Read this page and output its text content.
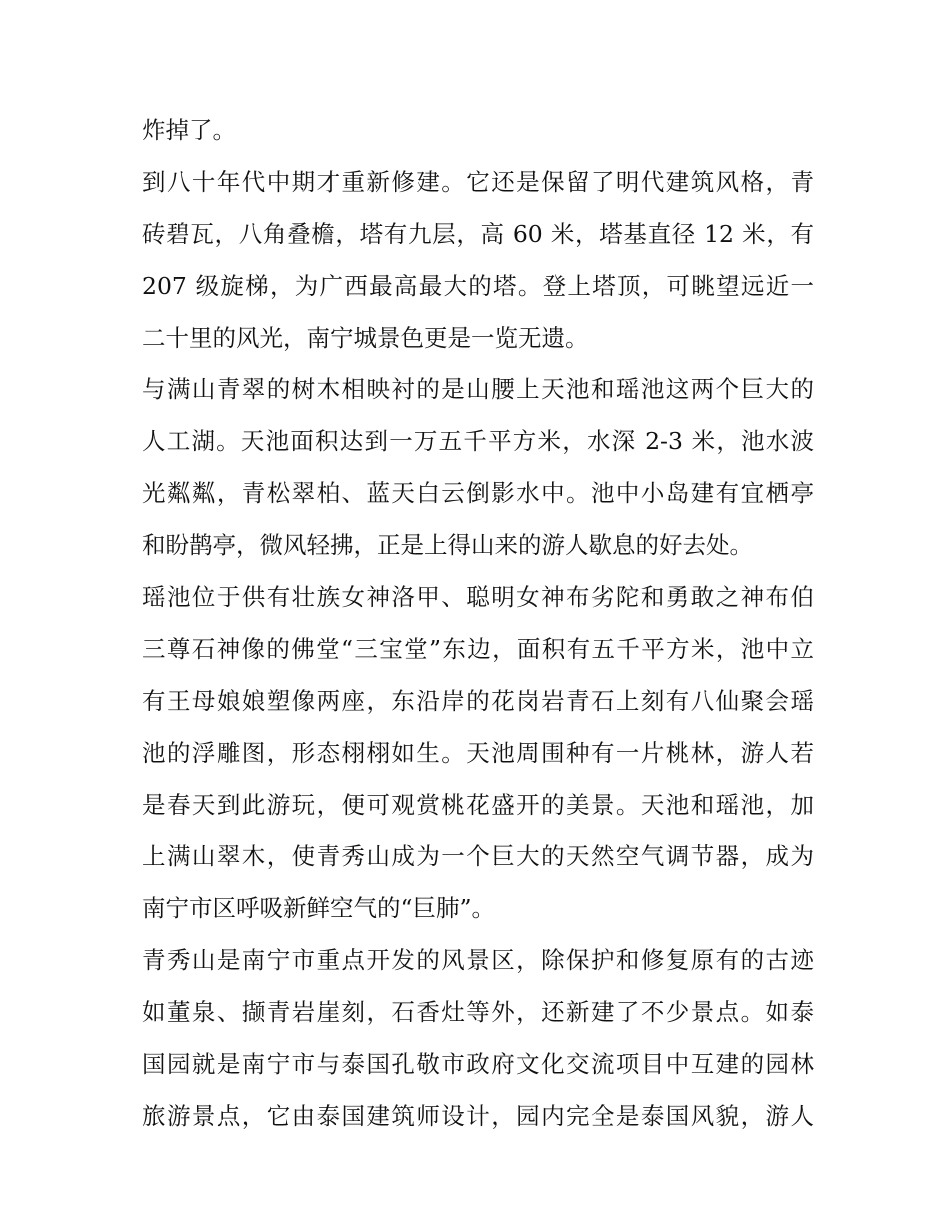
炸掉了。
到八十年代中期才重新修建。它还是保留了明代建筑风格，青
砖碧瓦，八角叠檐，塔有九层，高 60 米，塔基直径 12 米，有
207 级旋梯，为广西最高最大的塔。登上塔顶，可眺望远近一
二十里的风光，南宁城景色更是一览无遗。
与满山青翠的树木相映衬的是山腰上天池和瑶池这两个巨大的
人工湖。天池面积达到一万五千平方米，水深 2-3 米，池水波
光粼粼，青松翠柏、蓝天白云倒影水中。池中小岛建有宜栖亭
和盼鹊亭，微风轻拂，正是上得山来的游人歇息的好去处。
瑶池位于供有壮族女神洛甲、聪明女神布劣陀和勇敢之神布伯
三尊石神像的佛堂“三宝堂”东边，面积有五千平方米，池中立
有王母娘娘塑像两座，东沿岸的花岗岩青石上刻有八仙聚会瑶
池的浮雕图，形态栩栩如生。天池周围种有一片桃林，游人若
是春天到此游玩，便可观赏桃花盛开的美景。天池和瑶池，加
上满山翠木，使青秀山成为一个巨大的天然空气调节器，成为
南宁市区呼吸新鲜空气的“巨肺”。
青秀山是南宁市重点开发的风景区，除保护和修复原有的古迹
如董泉、撷青岩崖刻，石香灶等外，还新建了不少景点。如泰
国园就是南宁市与泰国孔敬市政府文化交流项目中互建的园林
旅游景点，它由泰国建筑师设计，园内完全是泰国风貌，游人
